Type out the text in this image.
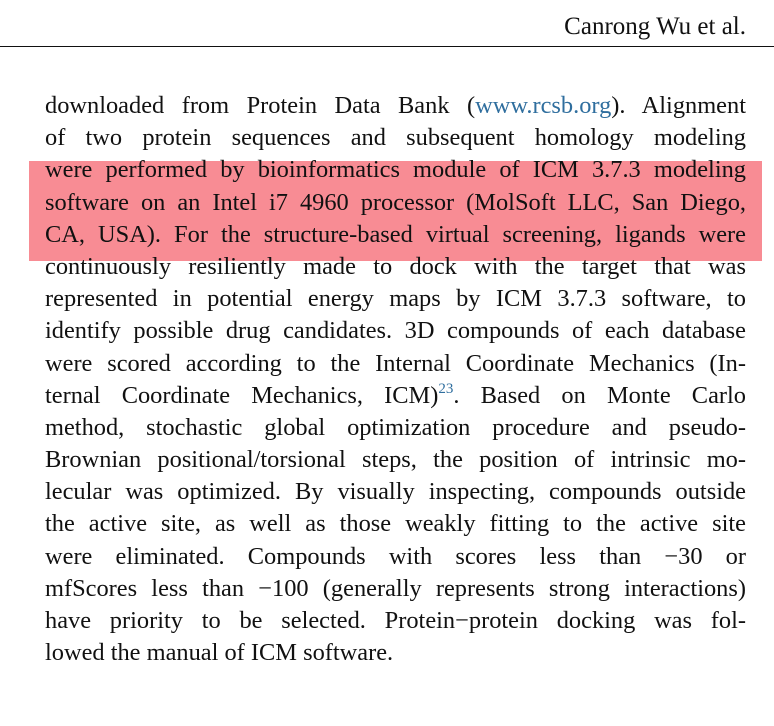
Canrong Wu et al.
downloaded from Protein Data Bank (www.rcsb.org). Alignment
of two protein sequences and subsequent homology modeling
were performed by bioinformatics module of ICM 3.7.3 modeling
software on an Intel i7 4960 processor (MolSoft LLC, San Diego,
CA, USA). For the structure-based virtual screening, ligands were
continuously resiliently made to dock with the target that was
represented in potential energy maps by ICM 3.7.3 software, to
identify possible drug candidates. 3D compounds of each database
were scored according to the Internal Coordinate Mechanics (In-
ternal Coordinate Mechanics, ICM)$^{23}$. Based on Monte Carlo
method, stochastic global optimization procedure and pseudo-
Brownian positional/torsional steps, the position of intrinsic mo-
lecular was optimized. By visually inspecting, compounds outside
the active site, as well as those weakly fitting to the active site
were eliminated. Compounds with scores less than −30 or
mfScores less than −100 (generally represents strong interactions)
have priority to be selected. Protein−protein docking was fol-
lowed the manual of ICM software.
